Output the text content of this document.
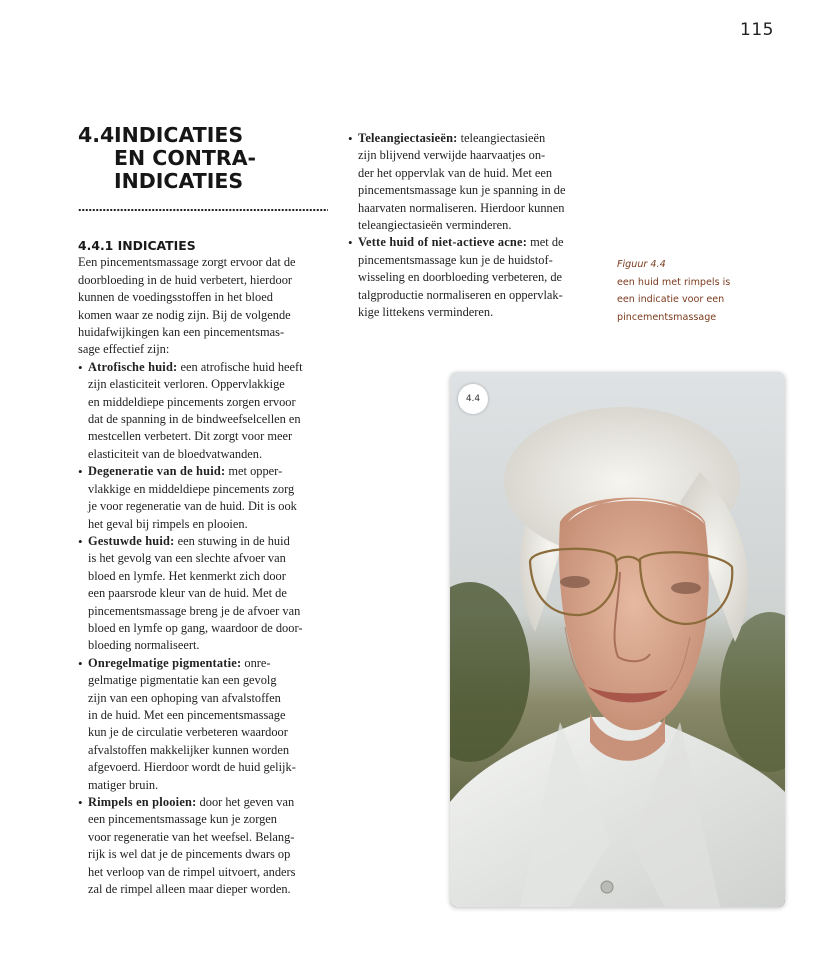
115
4.4 INDICATIES
EN CONTRA-
INDICATIES
4.4.1 INDICATIES
Een pincementsmassage zorgt ervoor dat de
doorbloeding in de huid verbetert, hierdoor
kunnen de voedingsstoffen in het bloed
komen waar ze nodig zijn. Bij de volgende
huidafwijkingen kan een pincementsmas-
sage effectief zijn:
• Atrofische huid: een atrofische huid heeft
zijn elasticiteit verloren. Oppervlakkige
en middeldiepe pincements zorgen ervoor
dat de spanning in de bindweefselcellen en
mestcellen verbetert. Dit zorgt voor meer
elasticiteit van de bloedvatwanden.
• Degeneratie van de huid: met opper-
vlakkige en middeldiepe pincements zorg
je voor regeneratie van de huid. Dit is ook
het geval bij rimpels en plooien.
• Gestuwde huid: een stuwing in de huid
is het gevolg van een slechte afvoer van
bloed en lymfe. Het kenmerkt zich door
een paarsrode kleur van de huid. Met de
pincementsmassage breng je de afvoer van
bloed en lymfe op gang, waardoor de door-
bloeding normaliseert.
• Onregelmatige pigmentatie: onre-
gelmatige pigmentatie kan een gevolg
zijn van een ophoping van afvalstoffen
in de huid. Met een pincementsmassage
kun je de circulatie verbeteren waardoor
afvalstoffen makkelijker kunnen worden
afgevoerd. Hierdoor wordt de huid gelijk-
matiger bruin.
• Rimpels en plooien: door het geven van
een pincementsmassage kun je zorgen
voor regeneratie van het weefsel. Belang-
rijk is wel dat je de pincements dwars op
het verloop van de rimpel uitvoert, anders
zal de rimpel alleen maar dieper worden.
• Teleangiectasieën: teleangiectasieën
zijn blijvend verwijde haarvaatjes on-
der het oppervlak van de huid. Met een
pincementsmassage kun je spanning in de
haarvaten normaliseren. Hierdoor kunnen
teleangiectasieën verminderen.
• Vette huid of niet-actieve acne: met de
pincementsmassage kun je de huidstof-
wisseling en doorbloeding verbeteren, de
talgproductie normaliseren en oppervlak-
kige littekens verminderen.
Figuur 4.4
een huid met rimpels is
een indicatie voor een
pincementsmassage
4.4
